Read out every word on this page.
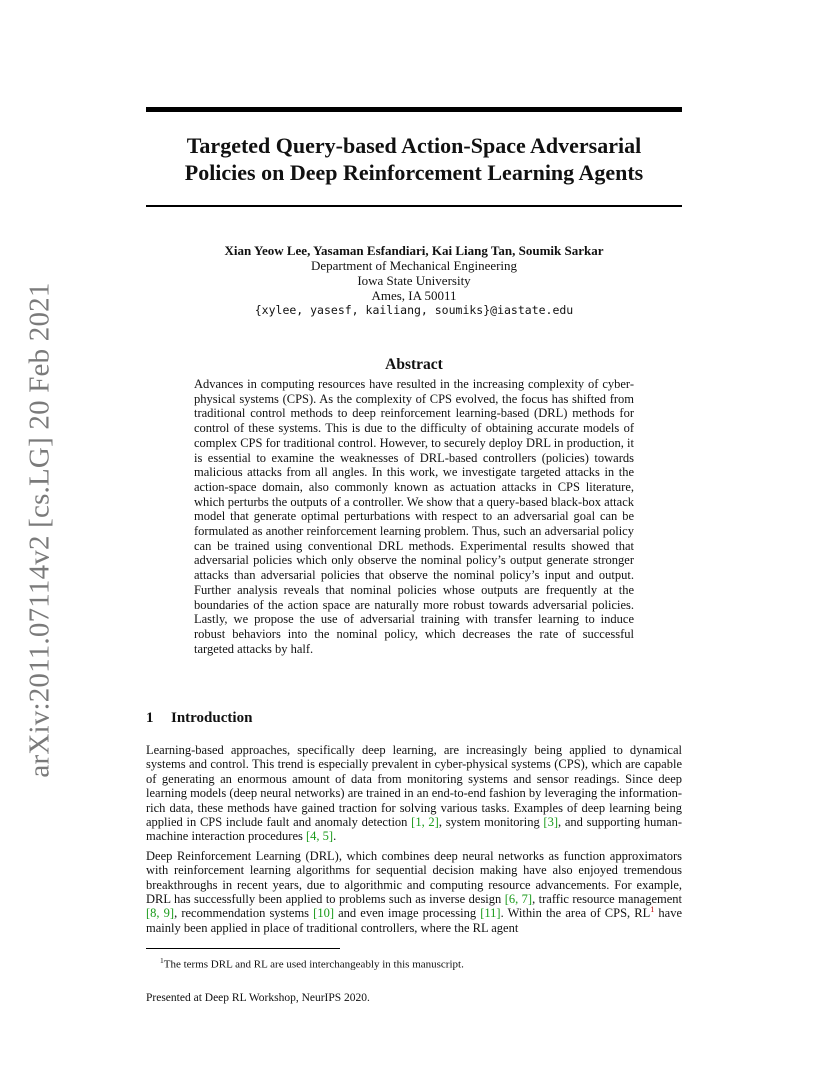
arXiv:2011.07114v2 [cs.LG] 20 Feb 2021
Targeted Query-based Action-Space Adversarial
Policies on Deep Reinforcement Learning Agents
Xian Yeow Lee, Yasaman Esfandiari, Kai Liang Tan, Soumik Sarkar
Department of Mechanical Engineering
Iowa State University
Ames, IA 50011
{xylee, yasesf, kailiang, soumiks}@iastate.edu
Abstract

Advances in computing resources have resulted in the increasing complexity of cyber-physical systems (CPS). As the complexity of CPS evolved, the focus has shifted from traditional control methods to deep reinforcement learning-based (DRL) methods for control of these systems. This is due to the difficulty of obtaining accurate models of complex CPS for traditional control. However, to securely deploy DRL in production, it is essential to examine the weaknesses of DRL-based controllers (policies) towards malicious attacks from all angles. In this work, we investigate targeted attacks in the action-space domain, also commonly known as actuation attacks in CPS literature, which perturbs the outputs of a controller. We show that a query-based black-box attack model that generate optimal perturbations with respect to an adversarial goal can be formulated as another reinforcement learning problem. Thus, such an adversarial policy can be trained using conventional DRL methods. Experimental results showed that adversarial policies which only observe the nominal policy’s output generate stronger attacks than adversarial policies that observe the nominal policy’s input and output. Further analysis reveals that nominal policies whose outputs are frequently at the boundaries of the action space are naturally more robust towards adversarial policies. Lastly, we propose the use of adversarial training with transfer learning to induce robust behaviors into the nominal policy, which decreases the rate of successful targeted attacks by half.

1 Introduction

Learning-based approaches, specifically deep learning, are increasingly being applied to dynamical systems and control. This trend is especially prevalent in cyber-physical systems (CPS), which are capable of generating an enormous amount of data from monitoring systems and sensor readings. Since deep learning models (deep neural networks) are trained in an end-to-end fashion by leveraging the information-rich data, these methods have gained traction for solving various tasks. Examples of deep learning being applied in CPS include fault and anomaly detection [1, 2], system monitoring [3], and supporting human-machine interaction procedures [4, 5].

Deep Reinforcement Learning (DRL), which combines deep neural networks as function approximators with reinforcement learning algorithms for sequential decision making have also enjoyed tremendous breakthroughs in recent years, due to algorithmic and computing resource advancements. For example, DRL has successfully been applied to problems such as inverse design [6, 7], traffic resource management [8, 9], recommendation systems [10] and even image processing [11]. Within the area of CPS, RL$^1$ have mainly been applied in place of traditional controllers, where the RL agent

$^1$The terms DRL and RL are used interchangeably in this manuscript.
Presented at Deep RL Workshop, NeurIPS 2020.
